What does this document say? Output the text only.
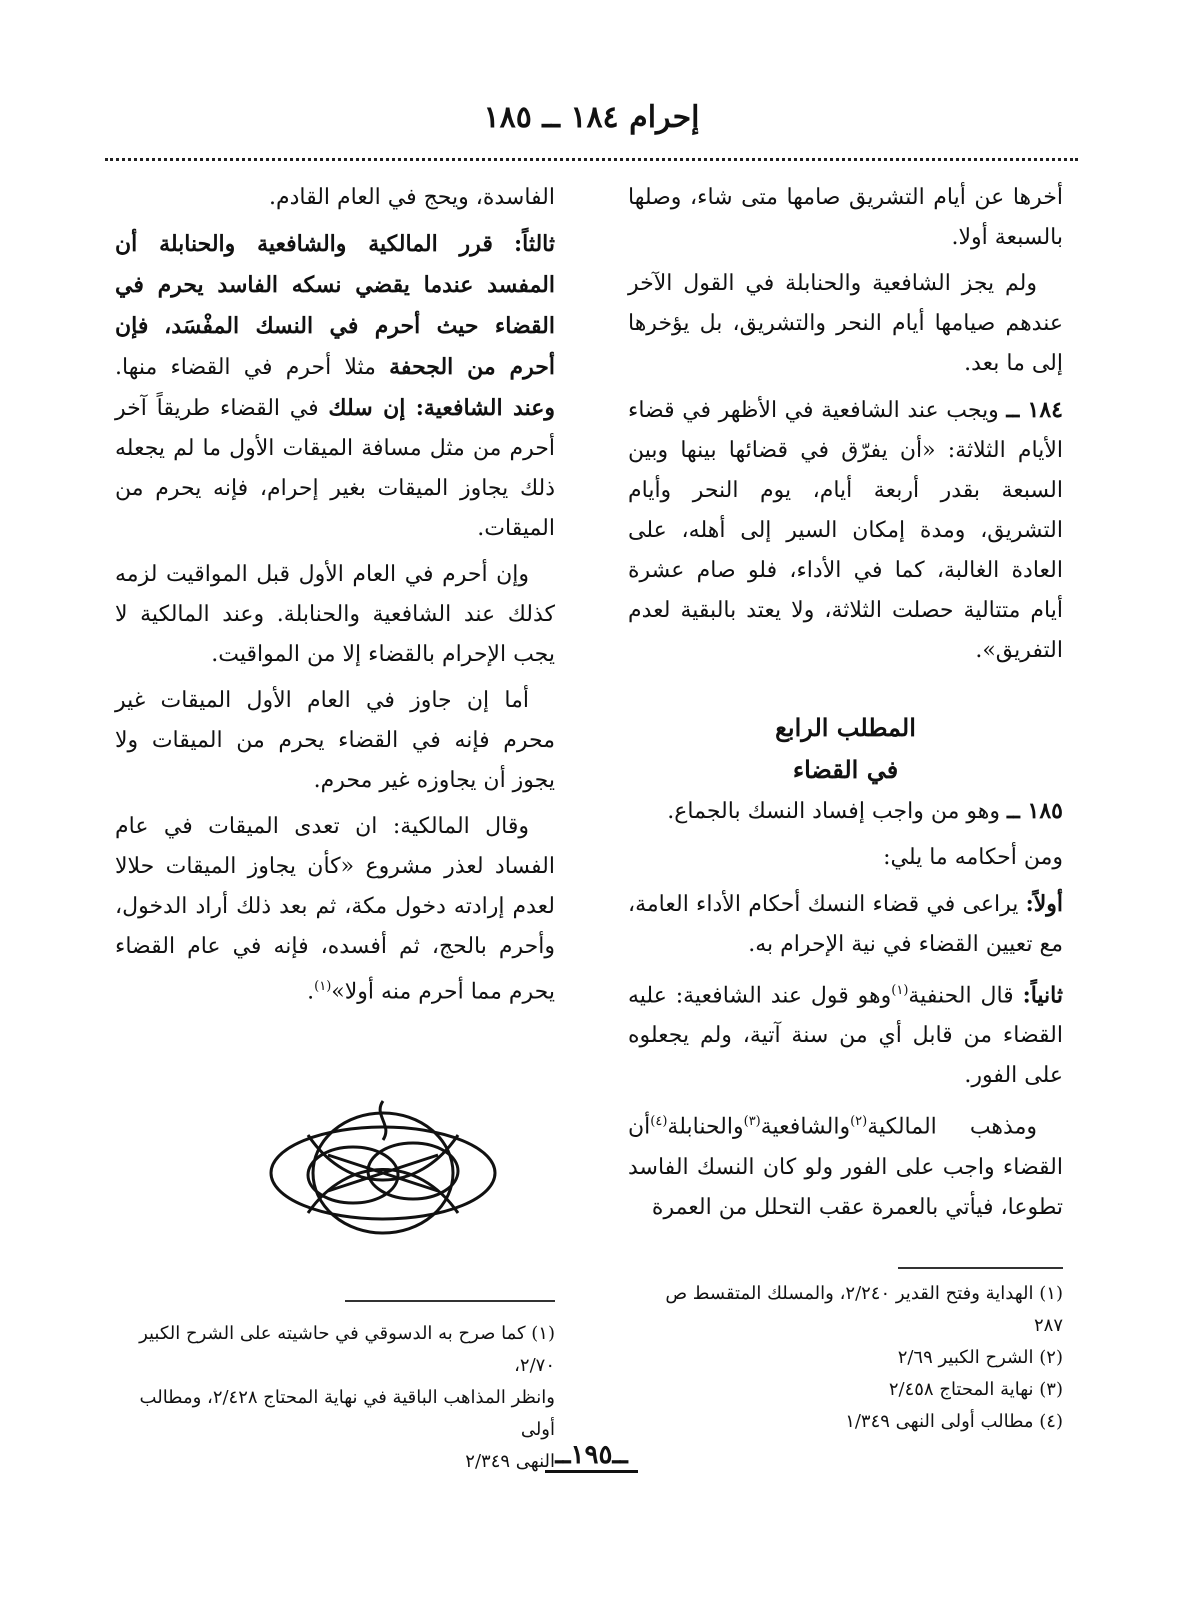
إحرام ١٨٤ ــ ١٨٥

أخرها عن أيام التشريق صامها متى شاء، وصلها بالسبعة أولا.

ولم يجز الشافعية والحنابلة في القول الآخر عندهم صيامها أيام النحر والتشريق، بل يؤخرها إلى ما بعد.

١٨٤ ــ ويجب عند الشافعية في الأظهر في قضاء الأيام الثلاثة: «أن يفرّق في قضائها بينها وبين السبعة بقدر أربعة أيام، يوم النحر وأيام التشريق، ومدة إمكان السير إلى أهله، على العادة الغالبة، كما في الأداء، فلو صام عشرة أيام متتالية حصلت الثلاثة، ولا يعتد بالبقية لعدم التفريق».

المطلب الرابع

في القضاء

١٨٥ ــ وهو من واجب إفساد النسك بالجماع.

ومن أحكامه ما يلي:

أولاً: يراعى في قضاء النسك أحكام الأداء العامة، مع تعيين القضاء في نية الإحرام به.

ثانياً: قال الحنفية$^{(١)}$وهو قول عند الشافعية: عليه القضاء من قابل أي من سنة آتية، ولم يجعلوه على الفور.

ومذهب المالكية$^{(٢)}$والشافعية$^{(٣)}$والحنابلة$^{(٤)}$أن القضاء واجب على الفور ولو كان النسك الفاسد تطوعا، فيأتي بالعمرة عقب التحلل من العمرة

الفاسدة، ويحج في العام القادم.

ثالثاً: قرر المالكية والشافعية والحنابلة أن المفسد عندما يقضي نسكه الفاسد يحرم في القضاء حيث أحرم في النسك المفْسَد، فإن أحرم من الجحفة مثلا أحرم في القضاء منها. وعند الشافعية: إن سلك في القضاء طريقاً آخر أحرم من مثل مسافة الميقات الأول ما لم يجعله ذلك يجاوز الميقات بغير إحرام، فإنه يحرم من الميقات.

وإن أحرم في العام الأول قبل المواقيت لزمه كذلك عند الشافعية والحنابلة. وعند المالكية لا يجب الإحرام بالقضاء إلا من المواقيت.

أما إن جاوز في العام الأول الميقات غير محرم فإنه في القضاء يحرم من الميقات ولا يجوز أن يجاوزه غير محرم.

وقال المالكية: ان تعدى الميقات في عام الفساد لعذر مشروع «كأن يجاوز الميقات حلالا لعدم إرادته دخول مكة، ثم بعد ذلك أراد الدخول، وأحرم بالحج، ثم أفسده، فإنه في عام القضاء يحرم مما أحرم منه أولا»$^{(١)}$.

(١) الهداية وفتح القدير ٢/٢٤٠، والمسلك المتقسط ص ٢٨٧

(٢) الشرح الكبير ٢/٦٩

(٣) نهاية المحتاج ٢/٤٥٨

(٤) مطالب أولى النهى ١/٣٤٩

(١) كما صرح به الدسوقي في حاشيته على الشرح الكبير ٢/٧٠،

وانظر المذاهب الباقية في نهاية المحتاج ٢/٤٢٨، ومطالب أولى

النهى ٢/٣٤٩ ــ١٩٥ــ
